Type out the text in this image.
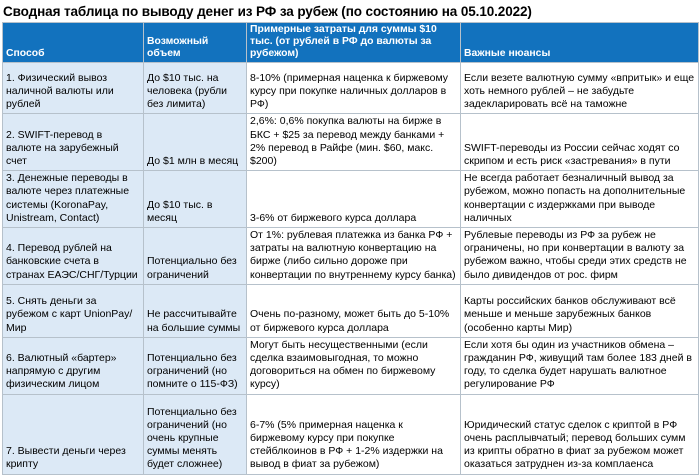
Сводная таблица по выводу денег из РФ за рубеж (по состоянию на 05.10.2022)
Способ	Возможный объем	Примерные затраты для суммы $10 тыс. (от рублей в РФ до валюты за рубежом)	Важные нюансы
1. Физический вывоз наличной валюты или рублей	До $10 тыс. на человека (рубли без лимита)	8-10% (примерная наценка к биржевому курсу при покупке наличных долларов в РФ)	Если везете валютную сумму «впритык» и еще хоть немного рублей – не забудьте задекларировать всё на таможне
2. SWIFT-перевод в валюте на зарубежный счет	До $1 млн в месяц	2,6%: 0,6% покупка валюты на бирже в БКС + $25 за перевод между банками + 2% перевод в Райфе (мин. $60, макс. $200)	SWIFT-переводы из России сейчас ходят со скрипом и есть риск «застревания» в пути
3. Денежные переводы в валюте через платежные системы (KoronaPay, Unistream, Contact)	До $10 тыс. в месяц	3-6% от биржевого курса доллара	Не всегда работает безналичный вывод за рубежом, можно попасть на дополнительные конвертации с издержками при выводе наличных
4. Перевод рублей на банковские счета в странах ЕАЭС/СНГ/Турции	Потенциально без ограничений	От 1%: рублевая платежка из банка РФ + затраты на валютную конвертацию на бирже (либо сильно дороже при конвертации по внутреннему курсу банка)	Рублевые переводы из РФ за рубеж не ограничены, но при конвертации в валюту за рубежом важно, чтобы среди этих средств не было дивидендов от рос. фирм
5. Снять деньги за рубежом с карт UnionPay/Мир	Не рассчитывайте на большие суммы	Очень по-разному, может быть до 5-10% от биржевого курса доллара	Карты российских банков обслуживают всё меньше и меньше зарубежных банков (особенно карты Мир)
6. Валютный «бартер» напрямую с другим физическим лицом	Потенциально без ограничений (но помните о 115-ФЗ)	Могут быть несущественными (если сделка взаимовыгодная, то можно договориться на обмен по биржевому курсу)	Если хотя бы один из участников обмена – гражданин РФ, живущий там более 183 дней в году, то сделка будет нарушать валютное регулирование РФ
7. Вывести деньги через крипту	Потенциально без ограничений (но очень крупные суммы менять будет сложнее)	6-7% (5% примерная наценка к биржевому курсу при покупке стейблкоинов в РФ + 1-2% издержки на вывод в фиат за рубежом)	Юридический статус сделок с криптой в РФ очень расплывчатый; перевод больших сумм из крипты обратно в фиат за рубежом может оказаться затруднен из-за комплаенса
